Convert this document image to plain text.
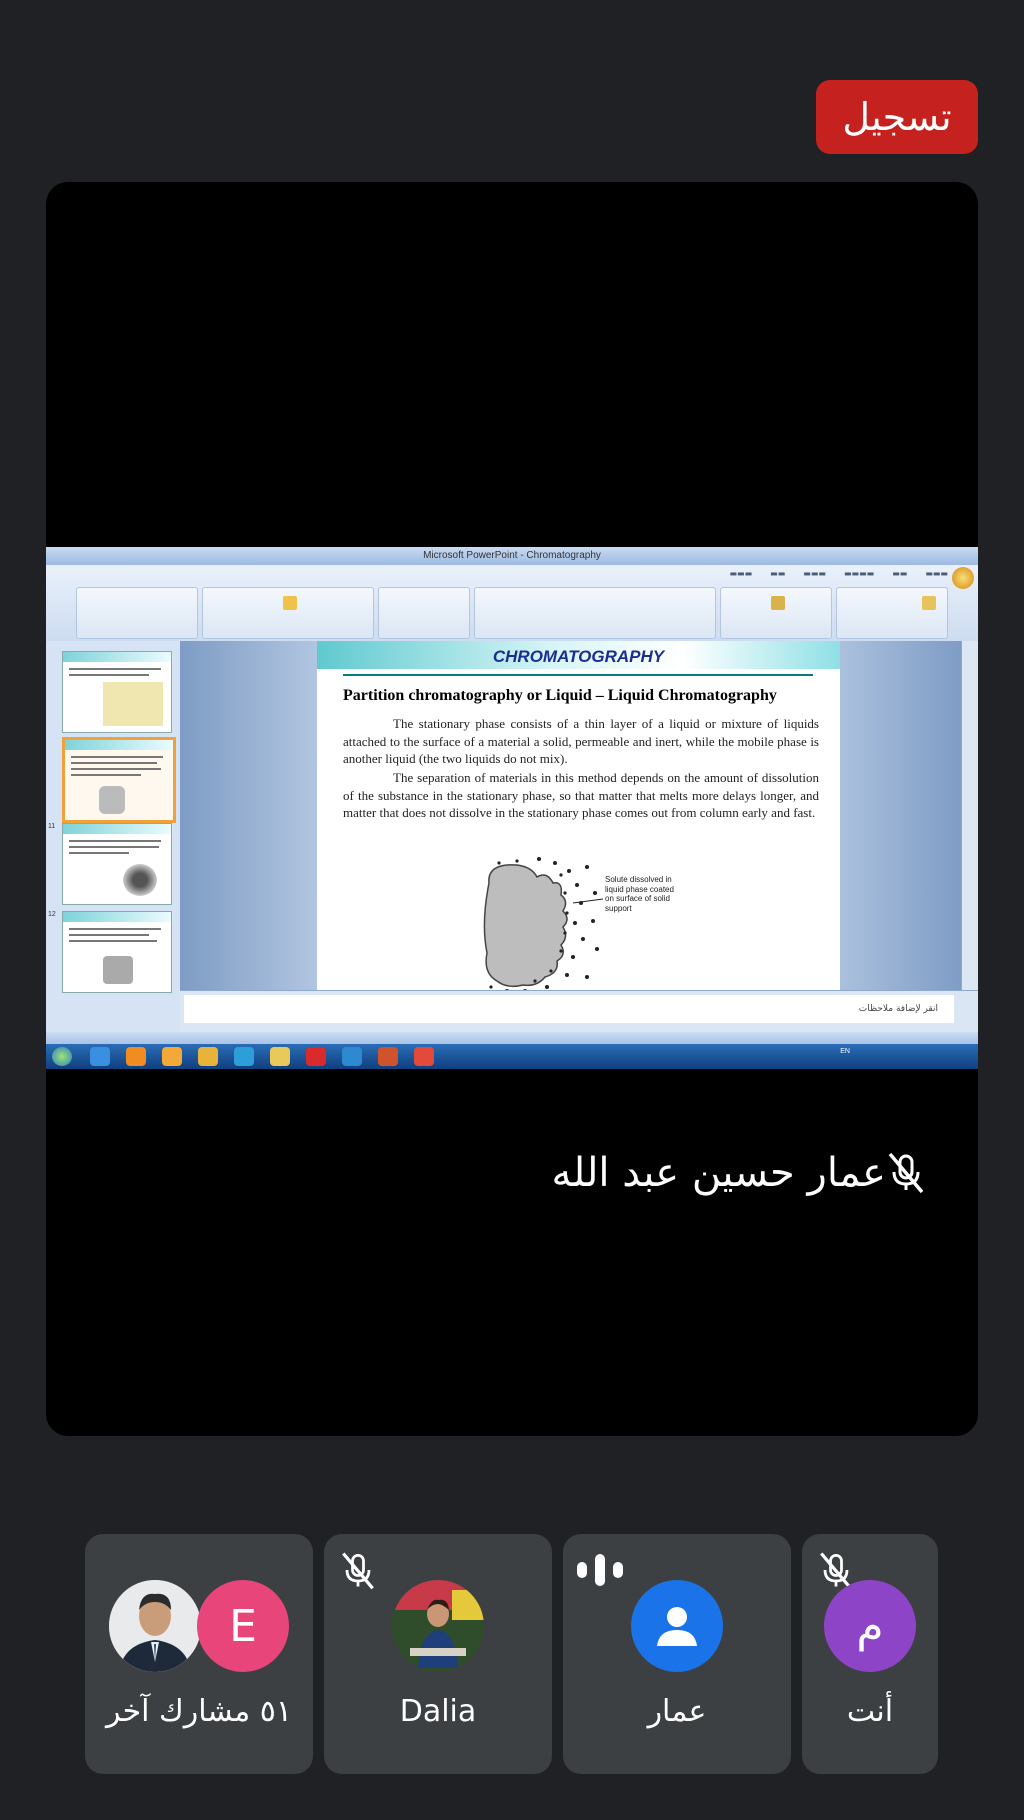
تسجيل
Microsoft PowerPoint - Chromatography
▬▬▬ ▬▬ ▬▬▬ ▬▬▬▬ ▬▬ ▬▬▬
11
12
CHROMATOGRAPHY
Partition chromatography or Liquid – Liquid Chromatography
The stationary phase consists of a thin layer of a liquid or mixture of liquids attached to the surface of a material a solid, permeable and inert, while the mobile phase is another liquid (the two liquids do not mix).
The separation of materials in this method depends on the amount of dissolution of the substance in the stationary phase, so that matter that melts more delays longer, and matter that does not dissolve in the stationary phase comes out from column early and fast.
Solute dissolved in liquid phase coated on surface of solid support
انقر لإضافة ملاحظات
EN
عمار حسين عبد الله
E
٥١ مشارك آخر	Dalia	عمار
م
أنت
